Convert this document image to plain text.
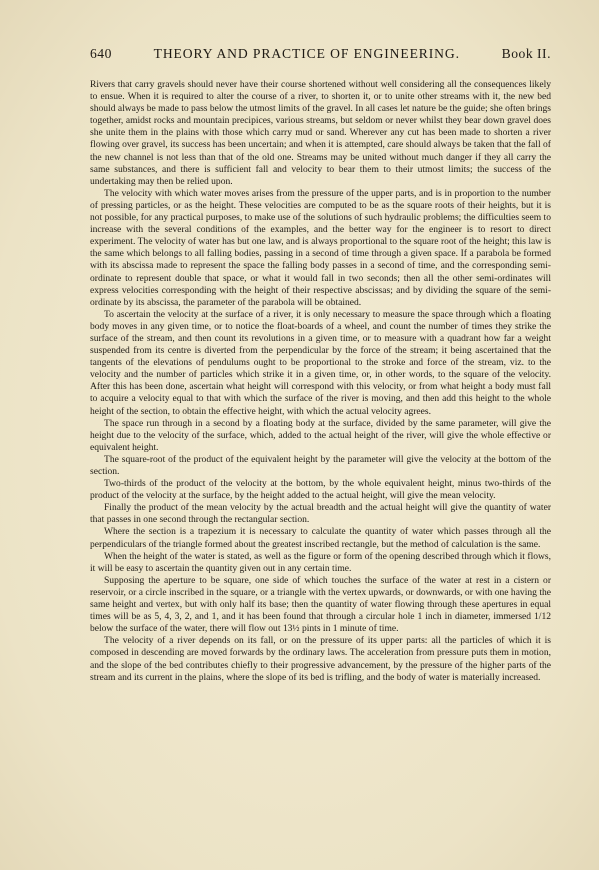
640	THEORY AND PRACTICE OF ENGINEERING.	Book II.

Rivers that carry gravels should never have their course shortened without well considering all the consequences likely to ensue. When it is required to alter the course of a river, to shorten it, or to unite other streams with it, the new bed should always be made to pass below the utmost limits of the gravel. In all cases let nature be the guide; she often brings together, amidst rocks and mountain precipices, various streams, but seldom or never whilst they bear down gravel does she unite them in the plains with those which carry mud or sand. Wherever any cut has been made to shorten a river flowing over gravel, its success has been uncertain; and when it is attempted, care should always be taken that the fall of the new channel is not less than that of the old one. Streams may be united without much danger if they all carry the same substances, and there is sufficient fall and velocity to bear them to their utmost limits; the success of the undertaking may then be relied upon.

The velocity with which water moves arises from the pressure of the upper parts, and is in proportion to the number of pressing particles, or as the height. These velocities are computed to be as the square roots of their heights, but it is not possible, for any practical purposes, to make use of the solutions of such hydraulic problems; the difficulties seem to increase with the several conditions of the examples, and the better way for the engineer is to resort to direct experiment. The velocity of water has but one law, and is always proportional to the square root of the height; this law is the same which belongs to all falling bodies, passing in a second of time through a given space. If a parabola be formed with its abscissa made to represent the space the falling body passes in a second of time, and the corresponding semi-ordinate to represent double that space, or what it would fall in two seconds; then all the other semi-ordinates will express velocities corresponding with the height of their respective abscissas; and by dividing the square of the semi-ordinate by its abscissa, the parameter of the parabola will be obtained.

To ascertain the velocity at the surface of a river, it is only necessary to measure the space through which a floating body moves in any given time, or to notice the float-boards of a wheel, and count the number of times they strike the surface of the stream, and then count its revolutions in a given time, or to measure with a quadrant how far a weight suspended from its centre is diverted from the perpendicular by the force of the stream; it being ascertained that the tangents of the elevations of pendulums ought to be proportional to the stroke and force of the stream, viz. to the velocity and the number of particles which strike it in a given time, or, in other words, to the square of the velocity. After this has been done, ascertain what height will correspond with this velocity, or from what height a body must fall to acquire a velocity equal to that with which the surface of the river is moving, and then add this height to the whole height of the section, to obtain the effective height, with which the actual velocity agrees.

The space run through in a second by a floating body at the surface, divided by the same parameter, will give the height due to the velocity of the surface, which, added to the actual height of the river, will give the whole effective or equivalent height.

The square-root of the product of the equivalent height by the parameter will give the velocity at the bottom of the section.

Two-thirds of the product of the velocity at the bottom, by the whole equivalent height, minus two-thirds of the product of the velocity at the surface, by the height added to the actual height, will give the mean velocity.

Finally the product of the mean velocity by the actual breadth and the actual height will give the quantity of water that passes in one second through the rectangular section.

Where the section is a trapezium it is necessary to calculate the quantity of water which passes through all the perpendiculars of the triangle formed about the greatest inscribed rectangle, but the method of calculation is the same.

When the height of the water is stated, as well as the figure or form of the opening described through which it flows, it will be easy to ascertain the quantity given out in any certain time.

Supposing the aperture to be square, one side of which touches the surface of the water at rest in a cistern or reservoir, or a circle inscribed in the square, or a triangle with the vertex upwards, or downwards, or with one having the same height and vertex, but with only half its base; then the quantity of water flowing through these apertures in equal times will be as 5, 4, 3, 2, and 1, and it has been found that through a circular hole 1 inch in diameter, immersed 1/12 below the surface of the water, there will flow out 13½ pints in 1 minute of time.

The velocity of a river depends on its fall, or on the pressure of its upper parts: all the particles of which it is composed in descending are moved forwards by the ordinary laws. The acceleration from pressure puts them in motion, and the slope of the bed contributes chiefly to their progressive advancement, by the pressure of the higher parts of the stream and its current in the plains, where the slope of its bed is trifling, and the body of water is materially increased.
